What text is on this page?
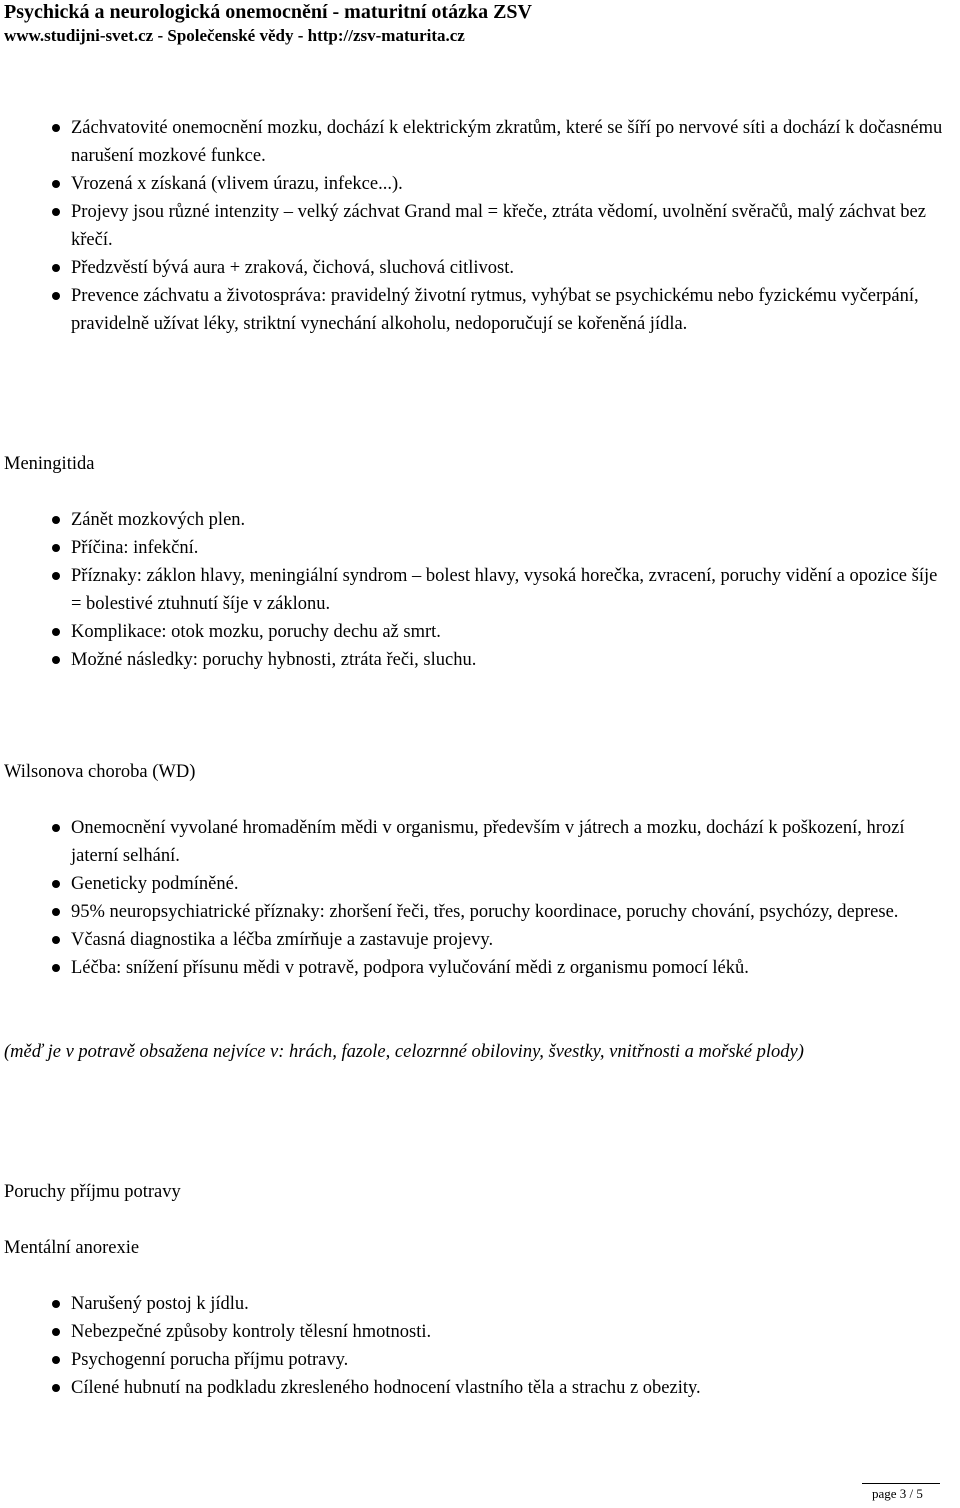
Psychická a neurologická onemocnění - maturitní otázka ZSV

www.studijni-svet.cz - Společenské vědy - http://zsv-maturita.cz

Záchvatovité onemocnění mozku, dochází k elektrickým zkratům, které se šíří po nervové síti a dochází k dočasnému narušení mozkové funkce.
Vrozená x získaná (vlivem úrazu, infekce...).
Projevy jsou různé intenzity – velký záchvat Grand mal = křeče, ztráta vědomí, uvolnění svěračů, malý záchvat bez křečí.
Předzvěstí bývá aura + zraková, čichová, sluchová citlivost.
Prevence záchvatu a životospráva: pravidelný životní rytmus, vyhýbat se psychickému nebo fyzickému vyčerpání, pravidelně užívat léky, striktní vynechání alkoholu, nedoporučují se kořeněná jídla.
Meningitida
Zánět mozkových plen.
Příčina: infekční.
Příznaky: záklon hlavy, meningiální syndrom – bolest hlavy, vysoká horečka, zvracení, poruchy vidění a opozice šíje = bolestivé ztuhnutí šíje v záklonu.
Komplikace: otok mozku, poruchy dechu až smrt.
Možné následky: poruchy hybnosti, ztráta řeči, sluchu.
Wilsonova choroba (WD)
Onemocnění vyvolané hromaděním mědi v organismu, především v játrech a mozku, dochází k poškození, hrozí jaterní selhání.
Geneticky podmíněné.
95% neuropsychiatrické příznaky: zhoršení řeči, třes, poruchy koordinace, poruchy chování, psychózy, deprese.
Včasná diagnostika a léčba zmírňuje a zastavuje projevy.
Léčba: snížení přísunu mědi v potravě, podpora vylučování mědi z organismu pomocí léků.

(měď je v potravě obsažena nejvíce v: hrách, fazole, celozrnné obiloviny, švestky, vnitřnosti a mořské plody)

Poruchy příjmu potravy
Mentální anorexie
Narušený postoj k jídlu.
Nebezpečné způsoby kontroly tělesní hmotnosti.
Psychogenní porucha příjmu potravy.
Cílené hubnutí na podkladu zkresleného hodnocení vlastního těla a strachu z obezity.
page 3 / 5
